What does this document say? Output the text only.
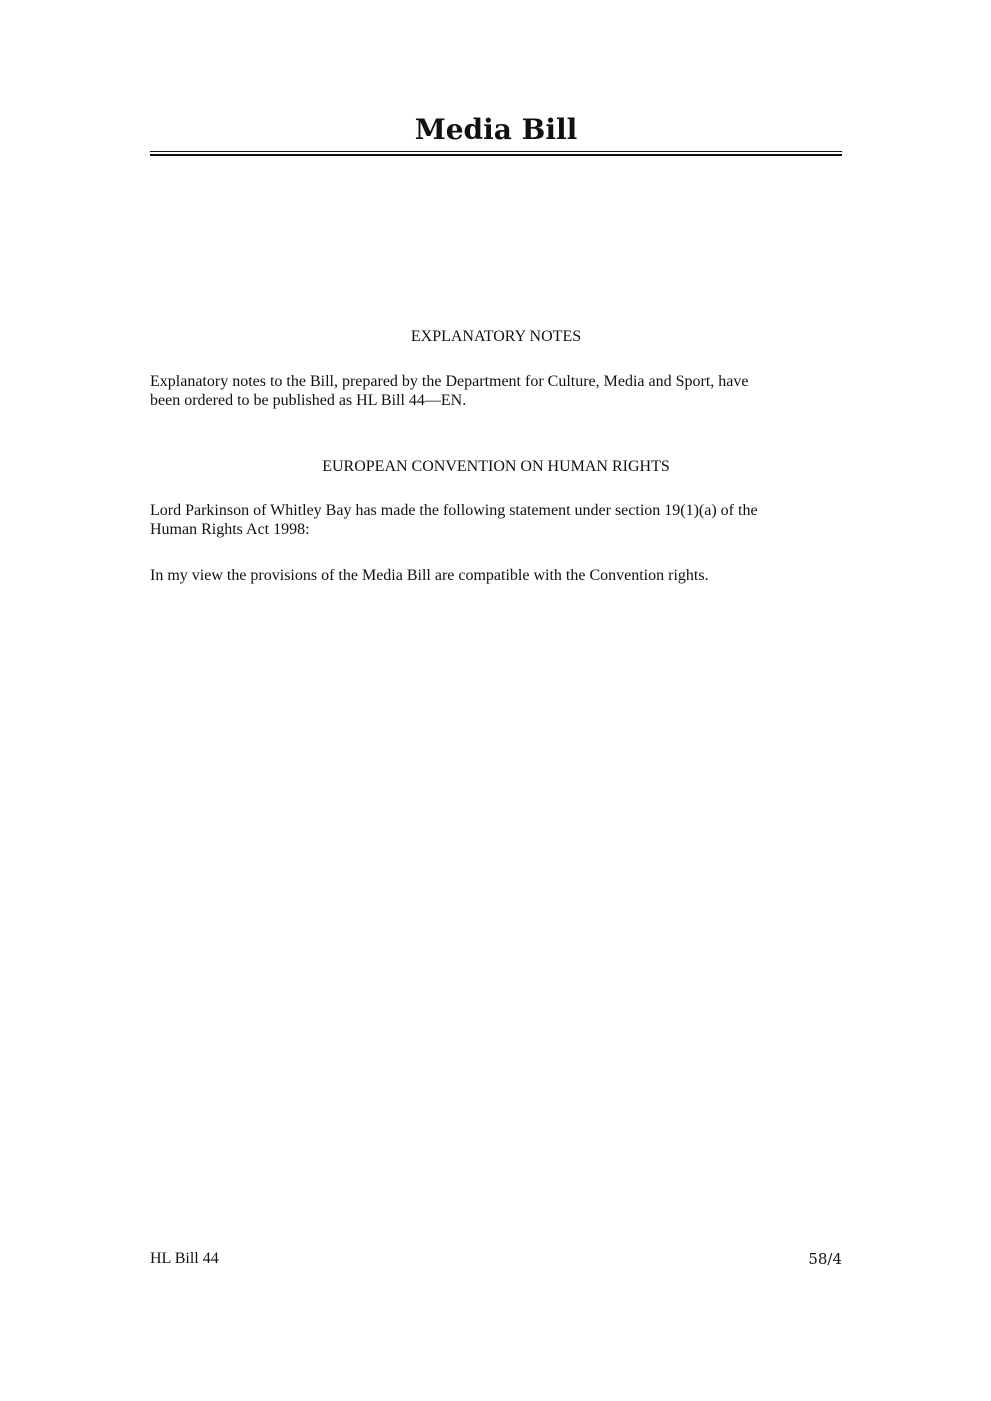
Media Bill
EXPLANATORY NOTES
Explanatory notes to the Bill, prepared by the Department for Culture, Media and Sport, have
been ordered to be published as HL Bill 44—EN.
EUROPEAN CONVENTION ON HUMAN RIGHTS
Lord Parkinson of Whitley Bay has made the following statement under section 19(1)(a) of the
Human Rights Act 1998:
In my view the provisions of the Media Bill are compatible with the Convention rights.
HL Bill 44	58/4
